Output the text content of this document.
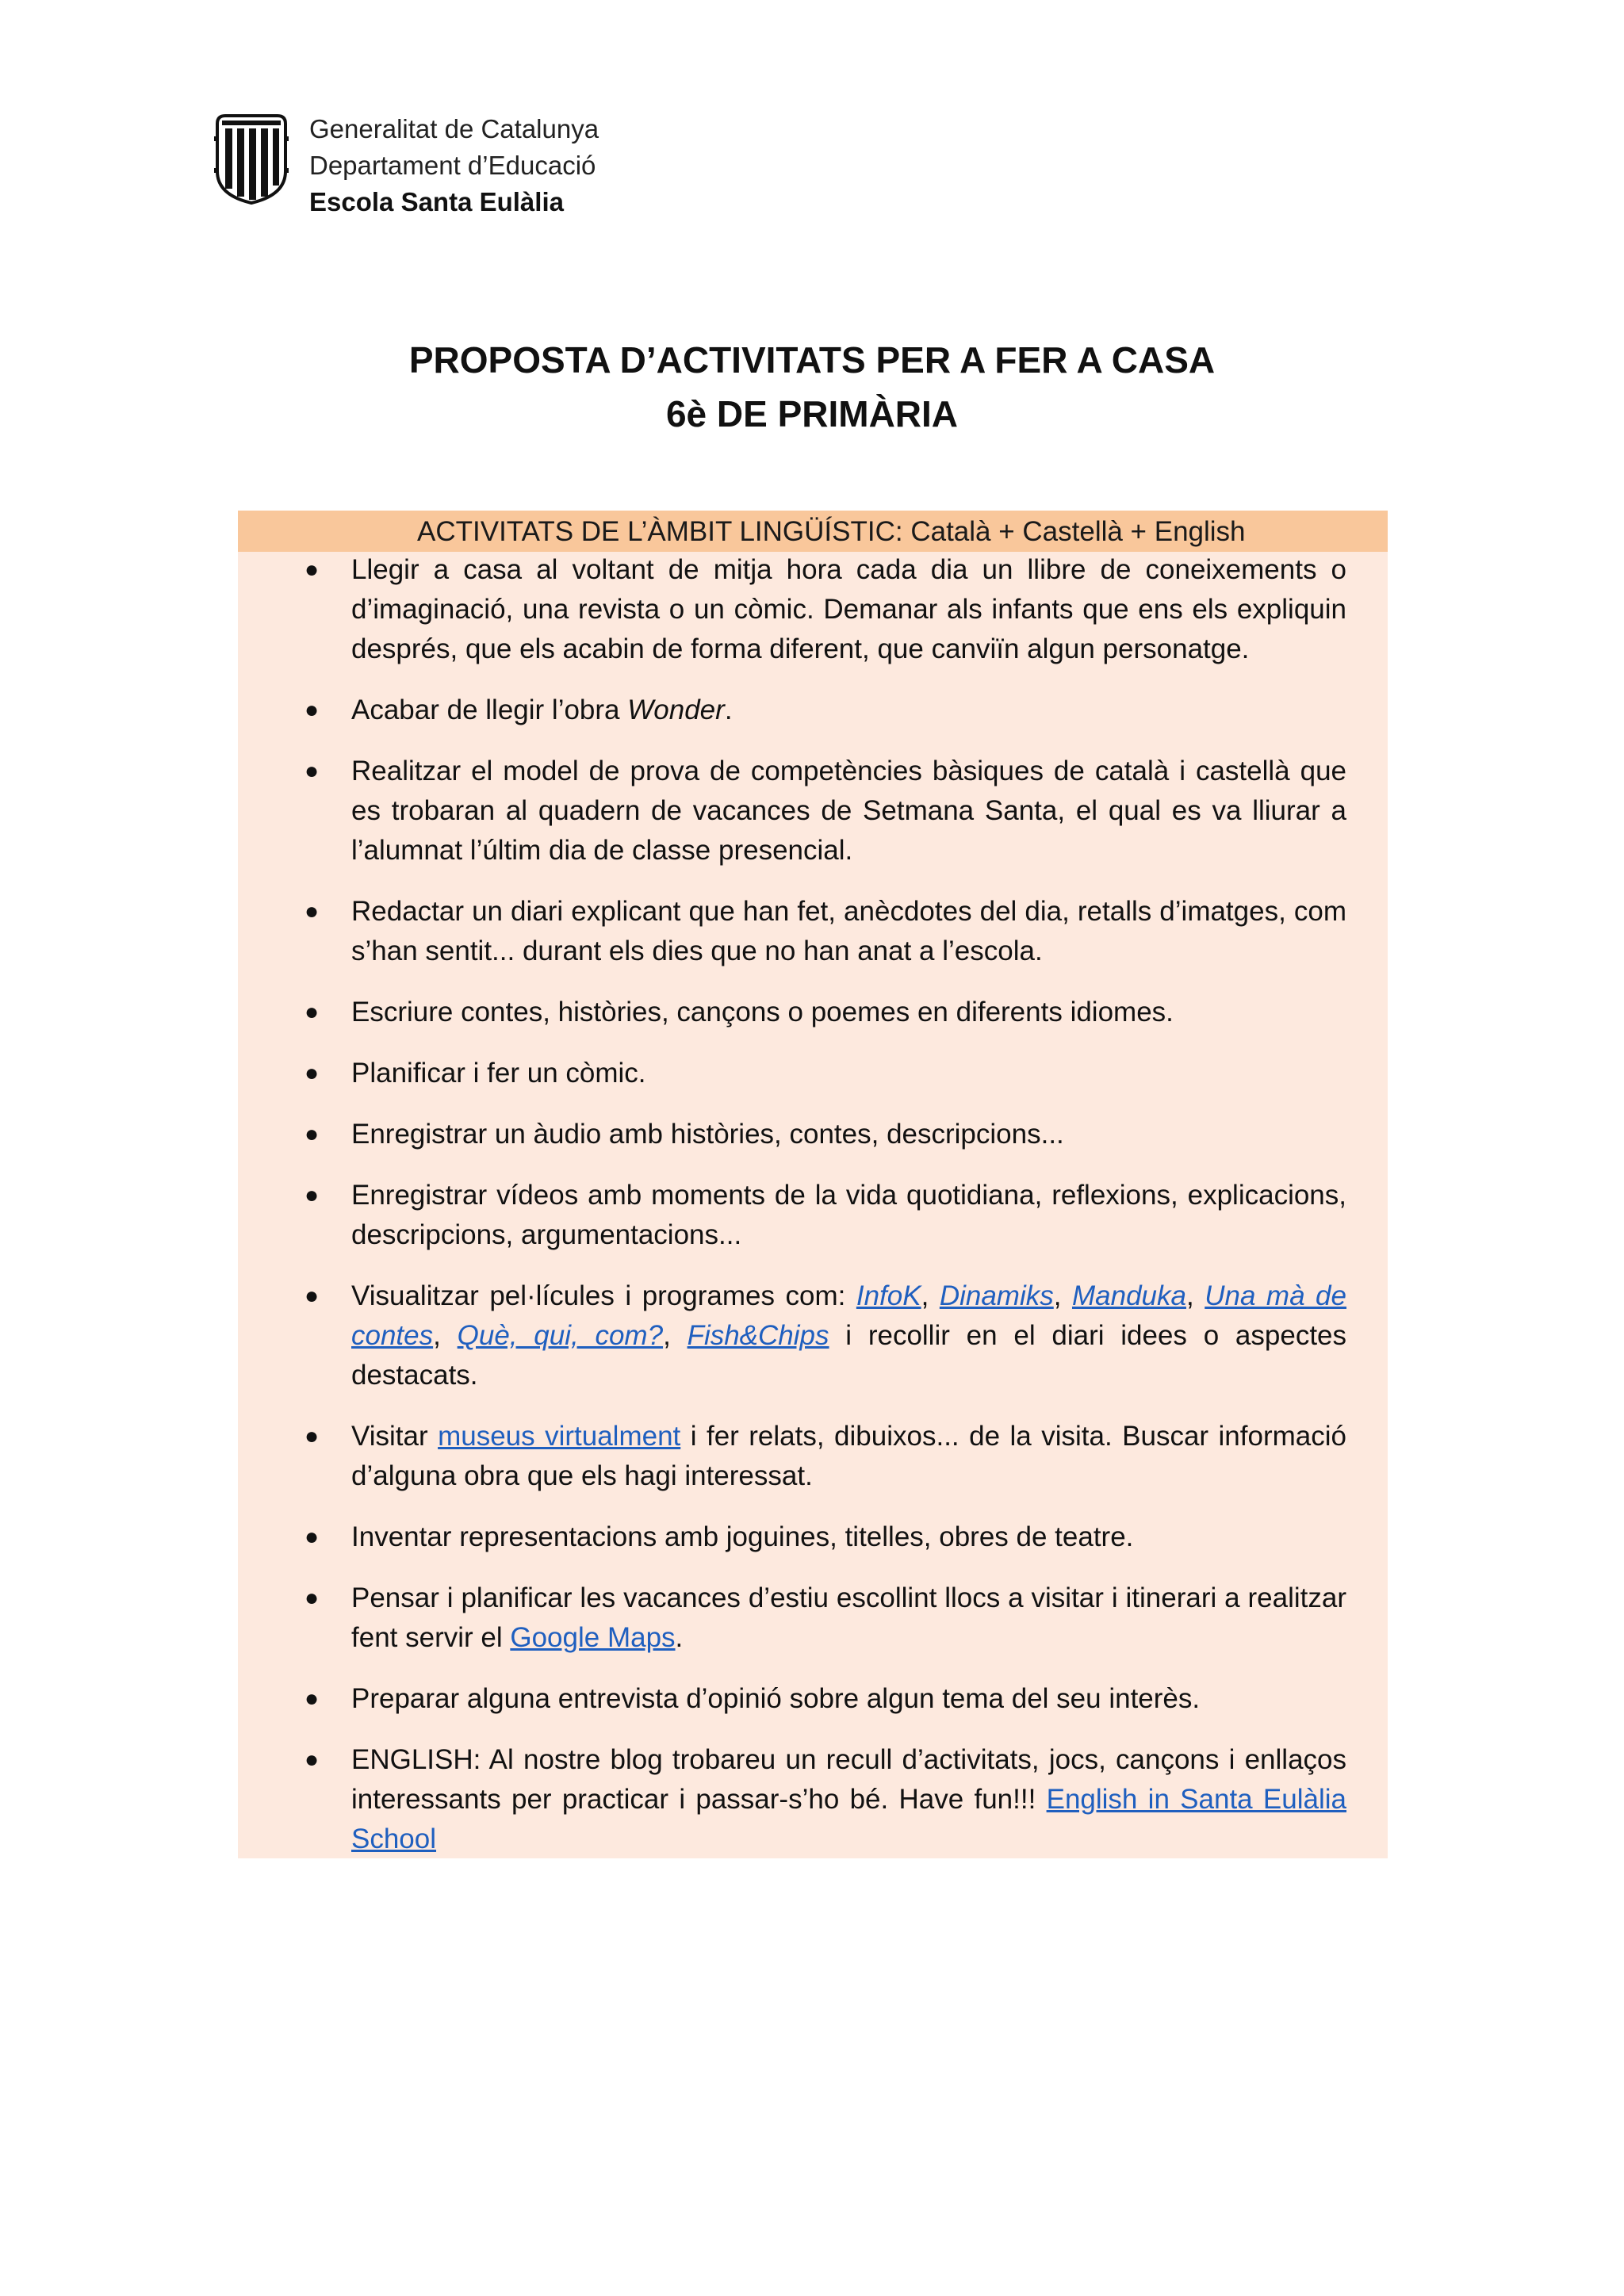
Generalitat de Catalunya
Departament d’Educació
Escola Santa Eulàlia
PROPOSTA D’ACTIVITATS PER A FER A CASA
6è DE PRIMÀRIA
ACTIVITATS DE L’ÀMBIT LINGÜÍSTIC: Català + Castellà + English
● Llegir a casa al voltant de mitja hora cada dia un llibre de coneixements o d’imaginació, una revista o un còmic. Demanar als infants que ens els expliquin després, que els acabin de forma diferent, que canviïn algun personatge.
● Acabar de llegir l’obra Wonder.
● Realitzar el model de prova de competències bàsiques de català i castellà que es trobaran al quadern de vacances de Setmana Santa, el qual es va lliurar a l’alumnat l’últim dia de classe presencial.
● Redactar un diari explicant que han fet, anècdotes del dia, retalls d’imatges, com s’han sentit... durant els dies que no han anat a l’escola.
● Escriure contes, històries, cançons o poemes en diferents idiomes.
● Planificar i fer un còmic.
● Enregistrar un àudio amb històries, contes, descripcions...
● Enregistrar vídeos amb moments de la vida quotidiana, reflexions, explicacions, descripcions, argumentacions...
● Visualitzar pel·lícules i programes com: InfoK, Dinamiks, Manduka, Una mà de contes, Què, qui, com?, Fish&Chips i recollir en el diari idees o aspectes destacats.
● Visitar museus virtualment i fer relats, dibuixos... de la visita. Buscar informació d’alguna obra que els hagi interessat.
● Inventar representacions amb joguines, titelles, obres de teatre.
● Pensar i planificar les vacances d’estiu escollint llocs a visitar i itinerari a realitzar fent servir el Google Maps.
● Preparar alguna entrevista d’opinió sobre algun tema del seu interès.
● ENGLISH: Al nostre blog trobareu un recull d’activitats, jocs, cançons i enllaços interessants per practicar i passar-s’ho bé. Have fun!!! English in Santa Eulàlia School
